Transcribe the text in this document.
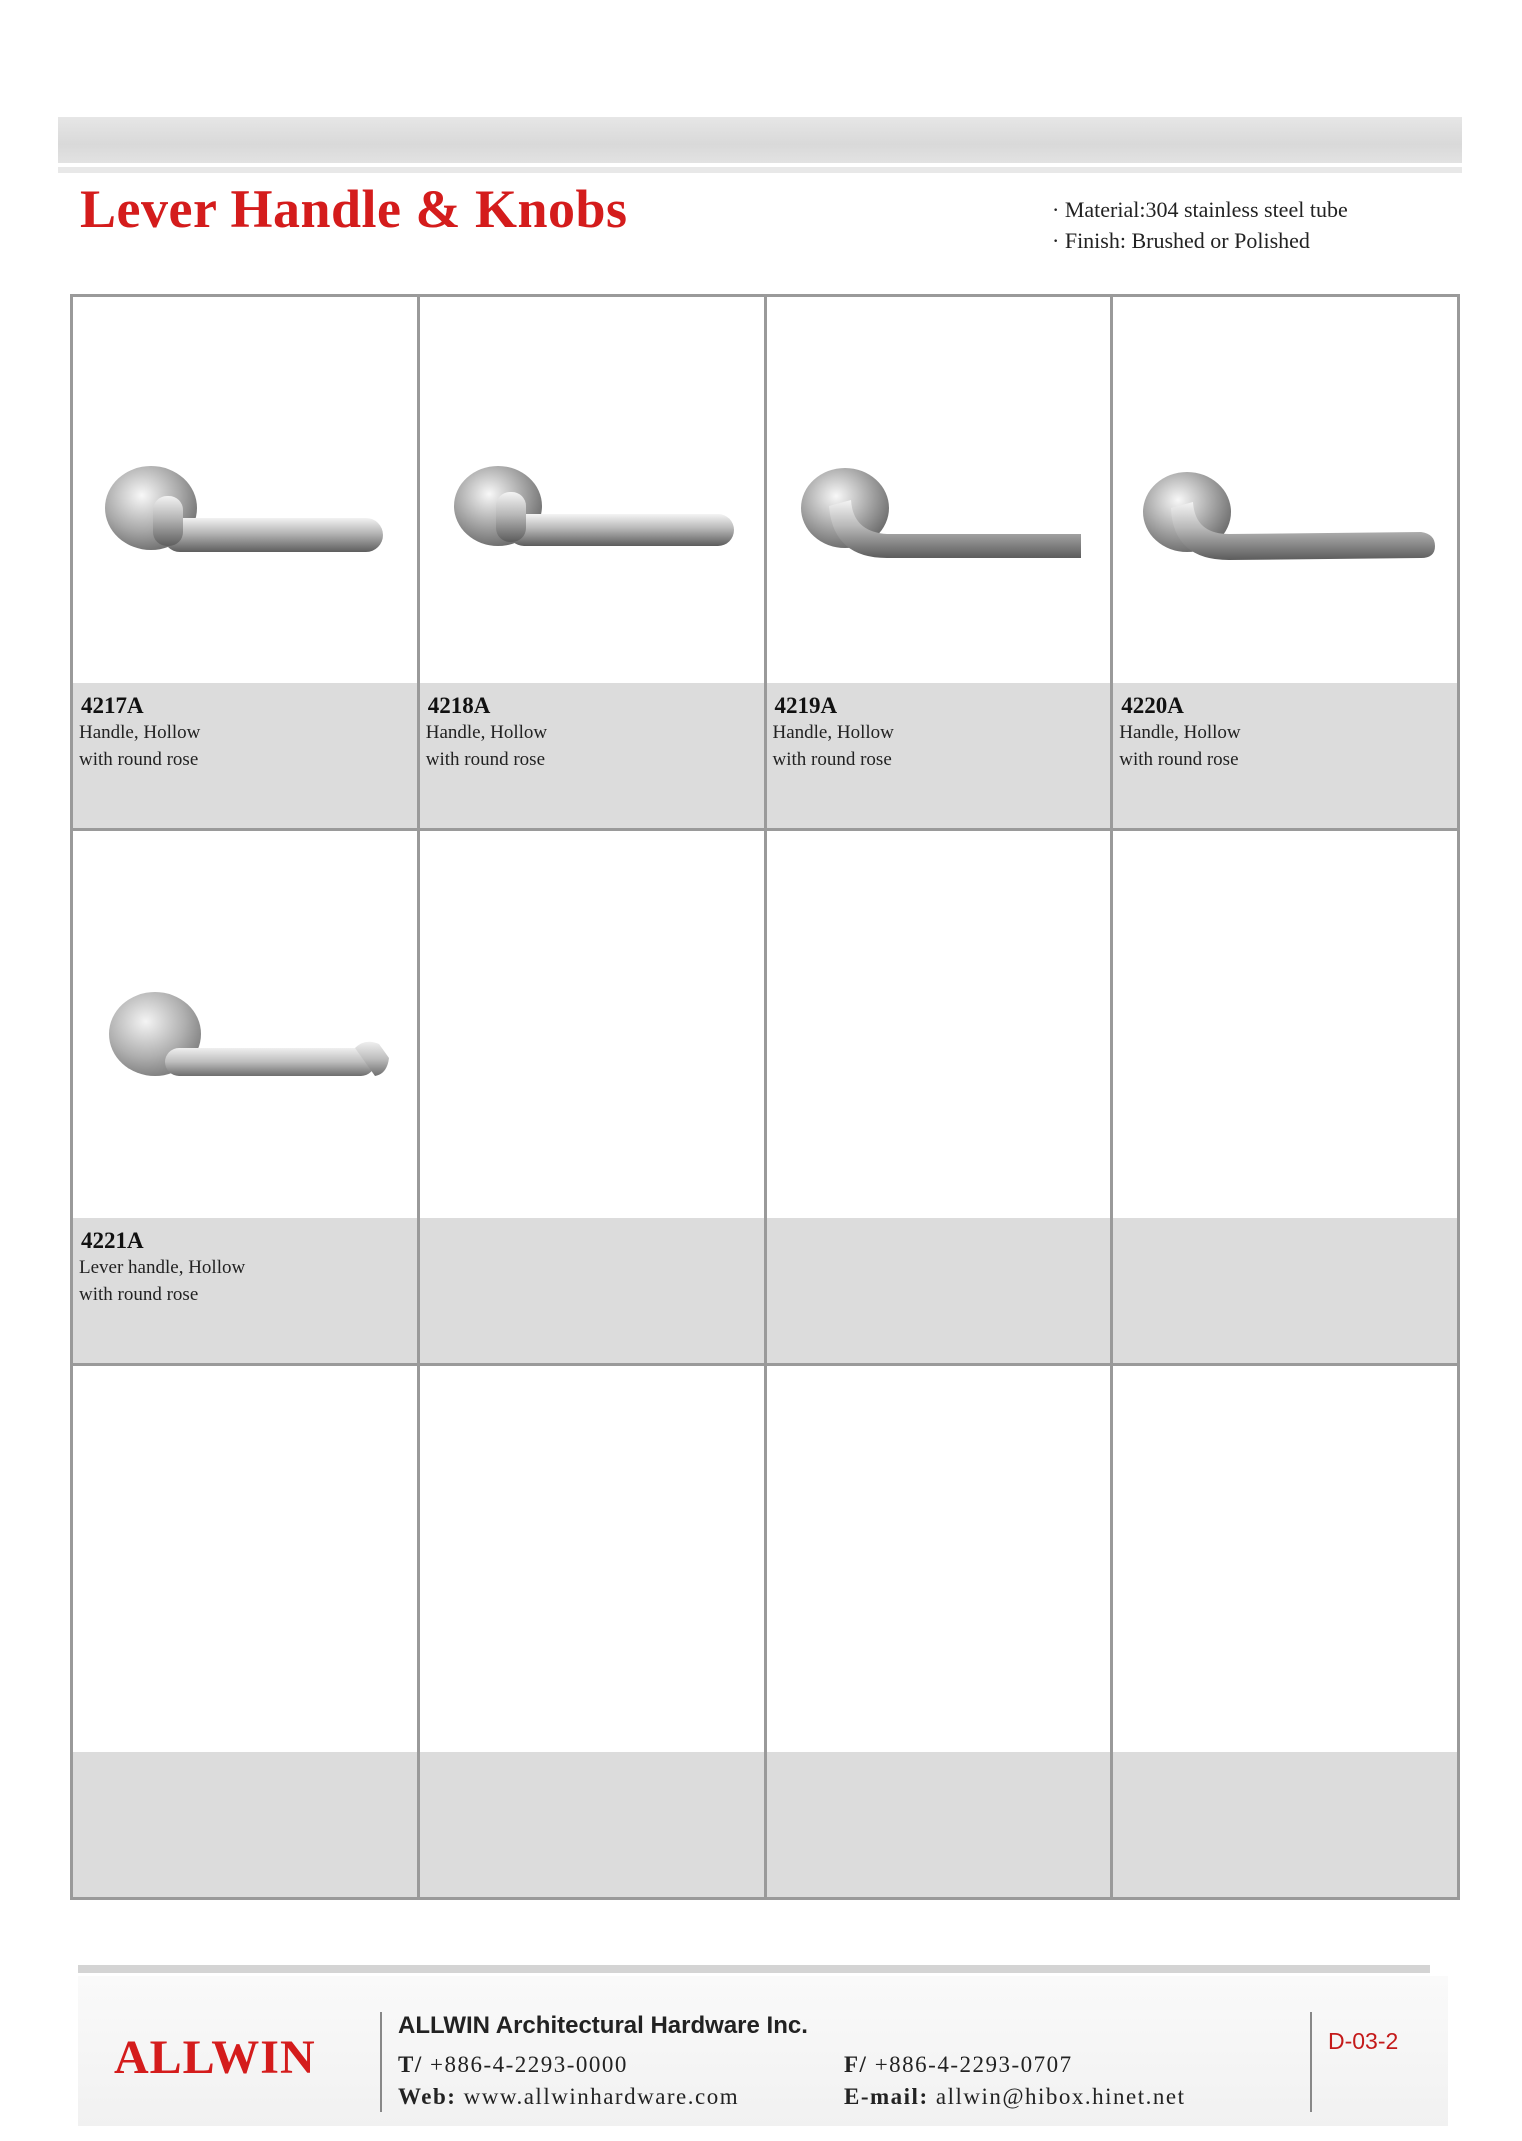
Lever Handle & Knobs
·	Material:304 stainless steel tube
· Finish: Brushed or Polished
4217A
Handle, Hollow
with round rose
4218A
Handle, Hollow
with round rose
4219A
Handle, Hollow
with round rose
4220A
Handle, Hollow
with round rose
4221A
Lever handle, Hollow
with round rose
ALLWIN
ALLWIN Architectural Hardware Inc.
T/ +886-4-2293-0000
Web: www.allwinhardware.com
F/ +886-4-2293-0707
E-mail: allwin@hibox.hinet.net
D-03-2
